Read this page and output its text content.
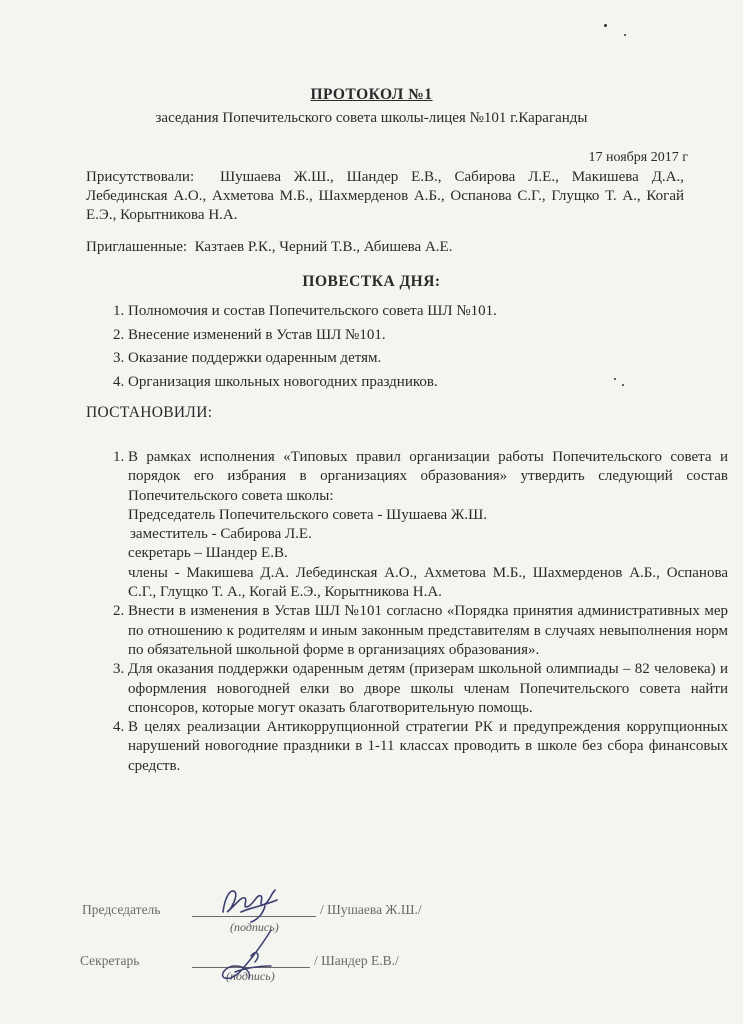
ПРОТОКОЛ №1
заседания Попечительского совета школы-лицея №101 г.Караганды
17 ноября 2017 г
Присутствовали: Шушаева Ж.Ш., Шандер Е.В., Сабирова Л.Е., Макишева Д.А., Лебединская А.О., Ахметова М.Б., Шахмерденов А.Б., Оспанова С.Г., Глущко Т. А., Когай Е.Э., Корытникова Н.А.
Приглашенные: Казтаев Р.К., Черний Т.В., Абишева А.Е.
ПОВЕСТКА ДНЯ:
1. Полномочия и состав Попечительского совета ШЛ №101.
2. Внесение изменений в Устав ШЛ №101.
3. Оказание поддержки одаренным детям.
4. Организация школьных новогодних праздников.
ПОСТАНОВИЛИ:
1. В рамках исполнения «Типовых правил организации работы Попечительского совета и порядок его избрания в организациях образования» утвердить следующий состав Попечительского совета школы:
Председатель Попечительского совета - Шушаева Ж.Ш.
заместитель - Сабирова Л.Е.
секретарь – Шандер Е.В.
члены - Макишева Д.А. Лебединская А.О., Ахметова М.Б., Шахмерденов А.Б., Оспанова С.Г., Глущко Т. А., Когай Е.Э., Корытникова Н.А.
2. Внести в изменения в Устав ШЛ №101 согласно «Порядка принятия административных мер по отношению к родителям и иным законным представителям в случаях невыполнения норм по обязательной школьной форме в организациях образования».
3. Для оказания поддержки одаренным детям (призерам школьной олимпиады – 82 человека) и оформления новогодней елки во дворе школы членам Попечительского совета найти спонсоров, которые могут оказать благотворительную помощь.
4. В целях реализации Антикоррупционной стратегии РК и предупреждения коррупционных нарушений новогодние праздники в 1-11 классах проводить в школе без сбора финансовых средств.
Председатель	/ Шушаева Ж.Ш./
(подпись)
Секретарь	/ Шандер Е.В./
(подпись)
